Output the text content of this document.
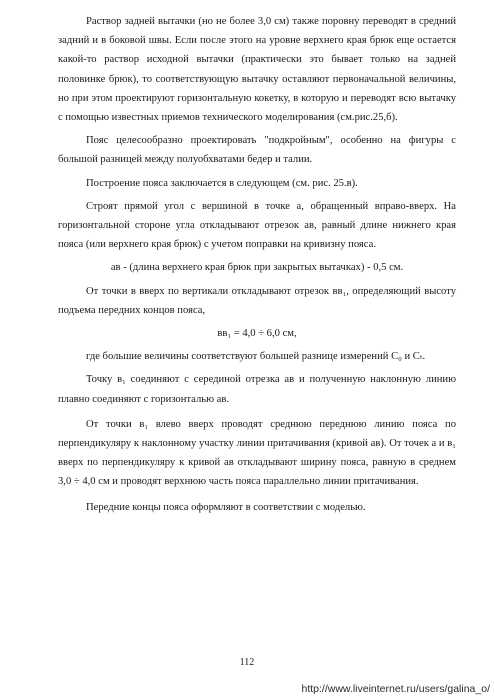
Раствор задней вытачки (но не более 3,0 см) также поровну переводят в средний задний и в боковой швы. Если после этого на уровне верхнего края брюк еще остается какой-то раствор исходной вытачки (практически это бывает только на задней половинке брюк), то соответствующую вытачку оставляют первоначальной величины, но при этом проектируют горизонтальную кокетку, в которую и переводят всю вытачку с помощью известных приемов технического моделирования (см.рис.25,б).

Пояс целесообразно проектировать "подкройным", особенно на фигуры с большой разницей между полуобхватами бедер и талии.

Построение пояса заключается в следующем (см. рис. 25.в).

Строят прямой угол с вершиной в точке а, обращенный вправо-вверх. На горизонтальной стороне угла откладывают отрезок ав, равный длине нижнего края пояса (или верхнего края брюк) с учетом поправки на кривизну пояса.

ав - (длина верхнего края брюк при закрытых вытачках) - 0,5 см.

От точки в вверх по вертикали откладывают отрезок вв₁, определяющий высоту подъема передних концов пояса,

вв₁ = 4,0 ÷ 6,0 см,

где большие величины соответствуют большей разнице измерений C₀ и Cₜ.

Точку в₁ соединяют с серединой отрезка ав и полученную наклонную линию плавно соединяют с горизонталью ав.

От точки в₁ влево вверх проводят среднюю переднюю линию пояса по перпендикуляру к наклонному участку линии притачивания (кривой ав). От точек а и в₁ вверх по перпендикуляру к кривой ав откладывают ширину пояса, равную в среднем 3,0 ÷ 4,0 см и проводят верхнюю часть пояса параллельно линии притачивания.

Передние концы пояса оформляют в соответствии с моделью.

112
http://www.liveinternet.ru/users/galina_o/
